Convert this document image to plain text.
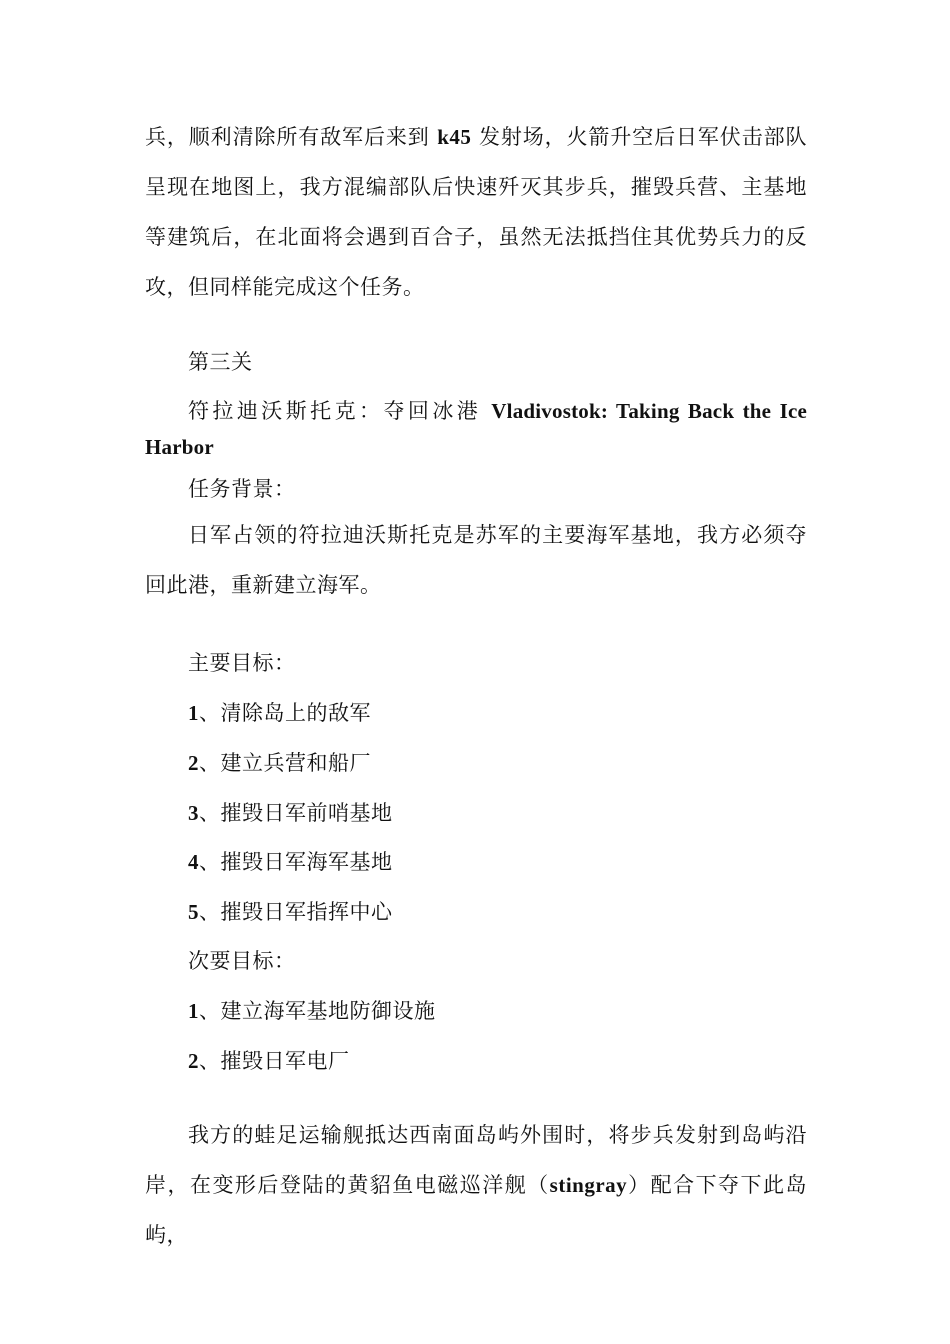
兵，顺利清除所有敌军后来到 k45 发射场，火箭升空后日军伏击部队呈现在地图上，我方混编部队后快速歼灭其步兵，摧毁兵营、主基地等建筑后，在北面将会遇到百合子，虽然无法抵挡住其优势兵力的反攻，但同样能完成这个任务。

第三关

符拉迪沃斯托克：夺回冰港 Vladivostok: Taking Back the Ice Harbor

任务背景：

日军占领的符拉迪沃斯托克是苏军的主要海军基地，我方必须夺回此港，重新建立海军。

主要目标：

1、清除岛上的敌军

2、建立兵营和船厂

3、摧毁日军前哨基地

4、摧毁日军海军基地

5、摧毁日军指挥中心

次要目标：

1、建立海军基地防御设施

2、摧毁日军电厂

我方的蛙足运输舰抵达西南面岛屿外围时，将步兵发射到岛屿沿岸，在变形后登陆的黄貂鱼电磁巡洋舰（stingray）配合下夺下此岛屿，
